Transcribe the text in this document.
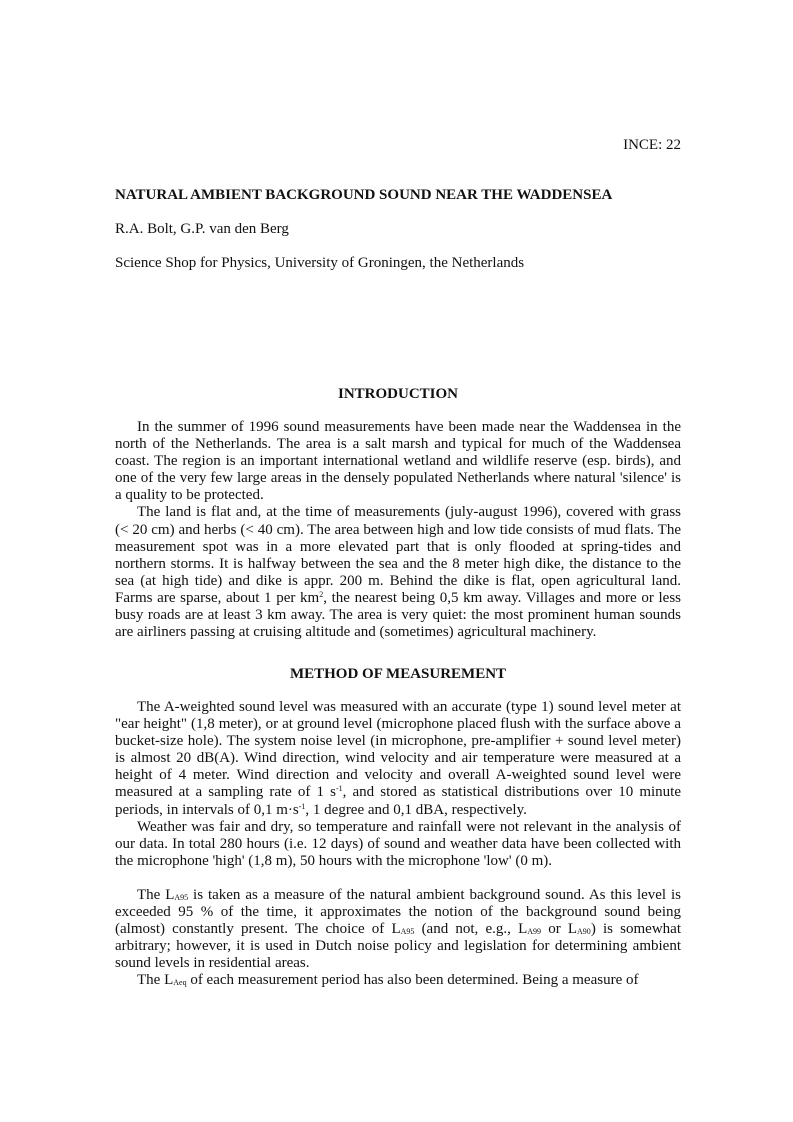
INCE: 22
NATURAL AMBIENT BACKGROUND SOUND NEAR THE WADDENSEA
R.A. Bolt, G.P. van den Berg
Science Shop for Physics, University of Groningen, the Netherlands
INTRODUCTION

In the summer of 1996 sound measurements have been made near the Waddensea in the north of the Netherlands. The area is a salt marsh and typical for much of the Waddensea coast. The region is an important international wetland and wildlife reserve (esp. birds), and one of the very few large areas in the densely populated Netherlands where natural 'silence' is a quality to be protected.

The land is flat and, at the time of measurements (july-august 1996), covered with grass (< 20 cm) and herbs (< 40 cm). The area between high and low tide consists of mud flats. The measurement spot was in a more elevated part that is only flooded at spring-tides and northern storms. It is halfway between the sea and the 8 meter high dike, the distance to the sea (at high tide) and dike is appr. 200 m. Behind the dike is flat, open agricultural land. Farms are sparse, about 1 per $km^2$, the nearest being 0,5 km away. Villages and more or less busy roads are at least 3 km away. The area is very quiet: the most prominent human sounds are airliners passing at cruising altitude and (sometimes) agricultural machinery.

METHOD OF MEASUREMENT

The A-weighted sound level was measured with an accurate (type 1) sound level meter at "ear height" (1,8 meter), or at ground level (microphone placed flush with the surface above a bucket-size hole). The system noise level (in microphone, pre-amplifier + sound level meter) is almost 20 dB(A). Wind direction, wind velocity and air temperature were measured at a height of 4 meter. Wind direction and velocity and overall A-weighted sound level were measured at a sampling rate of 1 $s^{-1}$, and stored as statistical distributions over 10 minute periods, in intervals of 0,1 $m\cdot s^{-1}$, 1 degree and 0,1 dBA, respectively.

Weather was fair and dry, so temperature and rainfall were not relevant in the analysis of our data. In total 280 hours (i.e. 12 days) of sound and weather data have been collected with the microphone 'high' (1,8 m), 50 hours with the microphone 'low' (0 m).

The $L_{A95}$ is taken as a measure of the natural ambient background sound. As this level is exceeded 95 % of the time, it approximates the notion of the background sound being (almost) constantly present. The choice of $L_{A95}$ (and not, e.g., $L_{A99}$ or $L_{A90}$) is somewhat arbitrary; however, it is used in Dutch noise policy and legislation for determining ambient sound levels in residential areas.

The $L_{Aeq}$ of each measurement period has also been determined. Being a measure of
